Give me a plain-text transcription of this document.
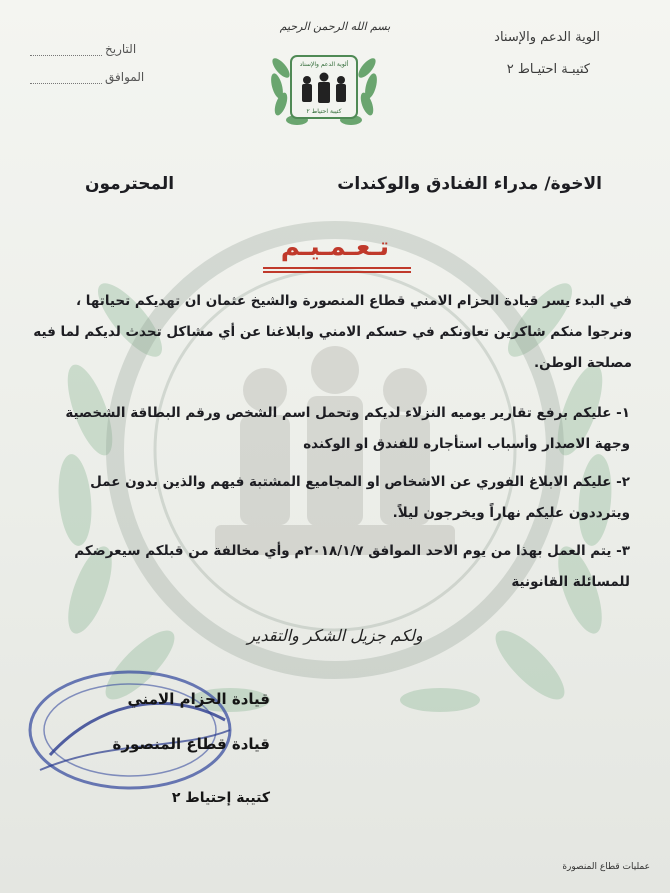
بسم الله الرحمن الرحيم
الوية الدعم والإسناد
كتيبـة احتيـاط ٢
التاريخ
الموافق
ألوية الدعم والإسناد
كتيبة احتياط ٢
الاخوة/ مدراء الفنادق والوكندات
المحترمون
تـعـمـيـم
في البدء يسر قيادة الحزام الامني قطاع المنصورة والشيخ عثمان ان تهديكم تحياتها ، ونرجوا منكم شاكرين تعاونكم في حسكم الامني وابلاغنا عن أي مشاكل تحدث لديكم لما فيه مصلحة الوطن.
١- عليكم برفع تقارير يوميه النزلاء لديكم وتحمل اسم الشخص ورقم البطاقة الشخصية وجهة الاصدار وأسباب استأجاره للفندق او الوكنده
٢- عليكم الابلاغ الفوري عن الاشخاص او المجاميع المشتبة فيهم والذين بدون عمل ويترددون عليكم نهاراً ويخرجون ليلاً.
٣- يتم العمل بهذا من يوم الاحد الموافق ٢٠١٨/١/٧م وأي مخالفة من قبلكم سيعرضكم للمسائلة القانونية
ولكم جزيل الشكر والتقدير
قيادة الحزام الامني
قيادة قطاع المنصورة
كتيبة إحتياط ٢
عمليات قطاع المنصورة
